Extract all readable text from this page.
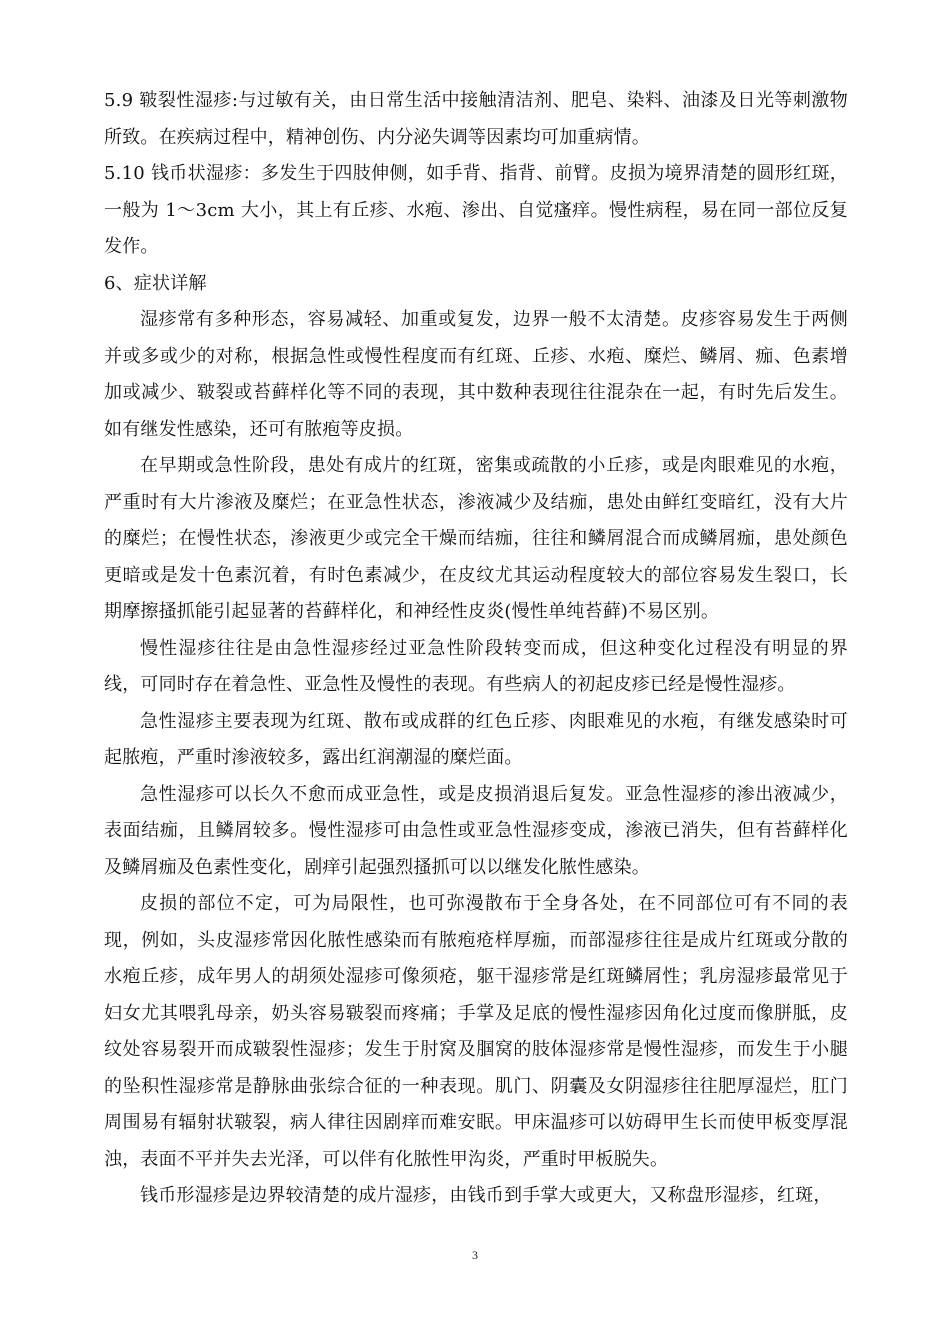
5.9 皲裂性湿疹:与过敏有关，由日常生活中接触清洁剂、肥皂、染料、油漆及日光等刺激物所致。在疾病过程中，精神创伤、内分泌失调等因素均可加重病情。

5.10 钱币状湿疹：多发生于四肢伸侧，如手背、指背、前臂。皮损为境界清楚的圆形红斑，一般为 1～3cm 大小，其上有丘疹、水疱、渗出、自觉瘙痒。慢性病程，易在同一部位反复发作。

6、症状详解

湿疹常有多种形态，容易减轻、加重或复发，边界一般不太清楚。皮疹容易发生于两侧并或多或少的对称，根据急性或慢性程度而有红斑、丘疹、水疱、糜烂、鳞屑、痂、色素增加或减少、皲裂或苔藓样化等不同的表现，其中数种表现往往混杂在一起，有时先后发生。如有继发性感染，还可有脓疱等皮损。

在早期或急性阶段，患处有成片的红斑，密集或疏散的小丘疹，或是肉眼难见的水疱，严重时有大片渗液及糜烂；在亚急性状态，渗液减少及结痂，患处由鲜红变暗红，没有大片的糜烂；在慢性状态，渗液更少或完全干燥而结痂，往往和鳞屑混合而成鳞屑痂，患处颜色更暗或是发十色素沉着，有时色素减少，在皮纹尤其运动程度较大的部位容易发生裂口，长期摩擦搔抓能引起显著的苔藓样化，和神经性皮炎(慢性单纯苔藓)不易区别。

慢性湿疹往往是由急性湿疹经过亚急性阶段转变而成，但这种变化过程没有明显的界线，可同时存在着急性、亚急性及慢性的表现。有些病人的初起皮疹已经是慢性湿疹。

急性湿疹主要表现为红斑、散布或成群的红色丘疹、肉眼难见的水疱，有继发感染时可起脓疱，严重时渗液较多，露出红润潮湿的糜烂面。

急性湿疹可以长久不愈而成亚急性，或是皮损消退后复发。亚急性湿疹的渗出液减少，表面结痂，且鳞屑较多。慢性湿疹可由急性或亚急性湿疹变成，渗液已消失，但有苔藓样化及鳞屑痂及色素性变化，剧痒引起强烈搔抓可以以继发化脓性感染。

皮损的部位不定，可为局限性，也可弥漫散布于全身各处，在不同部位可有不同的表现，例如，头皮湿疹常因化脓性感染而有脓疱疮样厚痂，而部湿疹往往是成片红斑或分散的水疱丘疹，成年男人的胡须处湿疹可像须疮，躯干湿疹常是红斑鳞屑性；乳房湿疹最常见于妇女尤其喂乳母亲，奶头容易皲裂而疼痛；手掌及足底的慢性湿疹因角化过度而像胼胝，皮纹处容易裂开而成皲裂性湿疹；发生于肘窝及腘窝的肢体湿疹常是慢性湿疹，而发生于小腿的坠积性湿疹常是静脉曲张综合征的一种表现。肌门、阴囊及女阴湿疹往往肥厚湿烂，肛门周围易有辐射状皲裂，病人律往因剧痒而难安眠。甲床温疹可以妨碍甲生长而使甲板变厚混浊，表面不平并失去光泽，可以伴有化脓性甲沟炎，严重时甲板脱失。

钱币形湿疹是边界较清楚的成片湿疹，由钱币到手掌大或更大，又称盘形湿疹，红斑，

3
